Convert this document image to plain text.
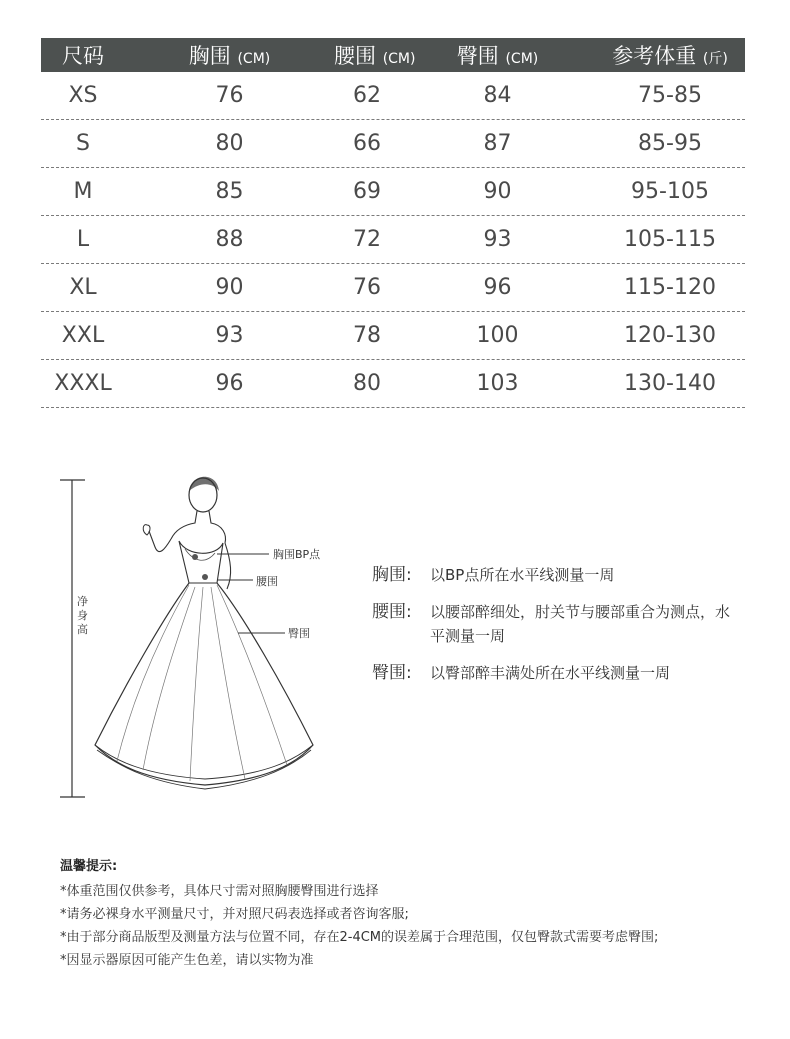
尺码	胸围 (CM)	腰围 (CM)	臀围 (CM)	参考体重 (斤)
XS	76	62	84	75-85
S	80	66	87	85-95
M	85	69	90	95-105
L	88	72	93	105-115
XL	90	76	96	115-120
XXL	93	78	100	120-130
XXXL	96	80	103	130-140
净身高
胸围BP点
腰围
臀围
胸围:	以BP点所在水平线测量一周
腰围:	以腰部醉细处，肘关节与腰部重合为测点，水平测量一周
臀围:	以臀部醉丰满处所在水平线测量一周
温馨提示:
*体重范围仅供参考，具体尺寸需对照胸腰臀围进行选择
*请务必裸身水平测量尺寸，并对照尺码表选择或者咨询客服;
*由于部分商品版型及测量方法与位置不同，存在2-4CM的误差属于合理范围，仅包臀款式需要考虑臀围;
*因显示器原因可能产生色差，请以实物为准
